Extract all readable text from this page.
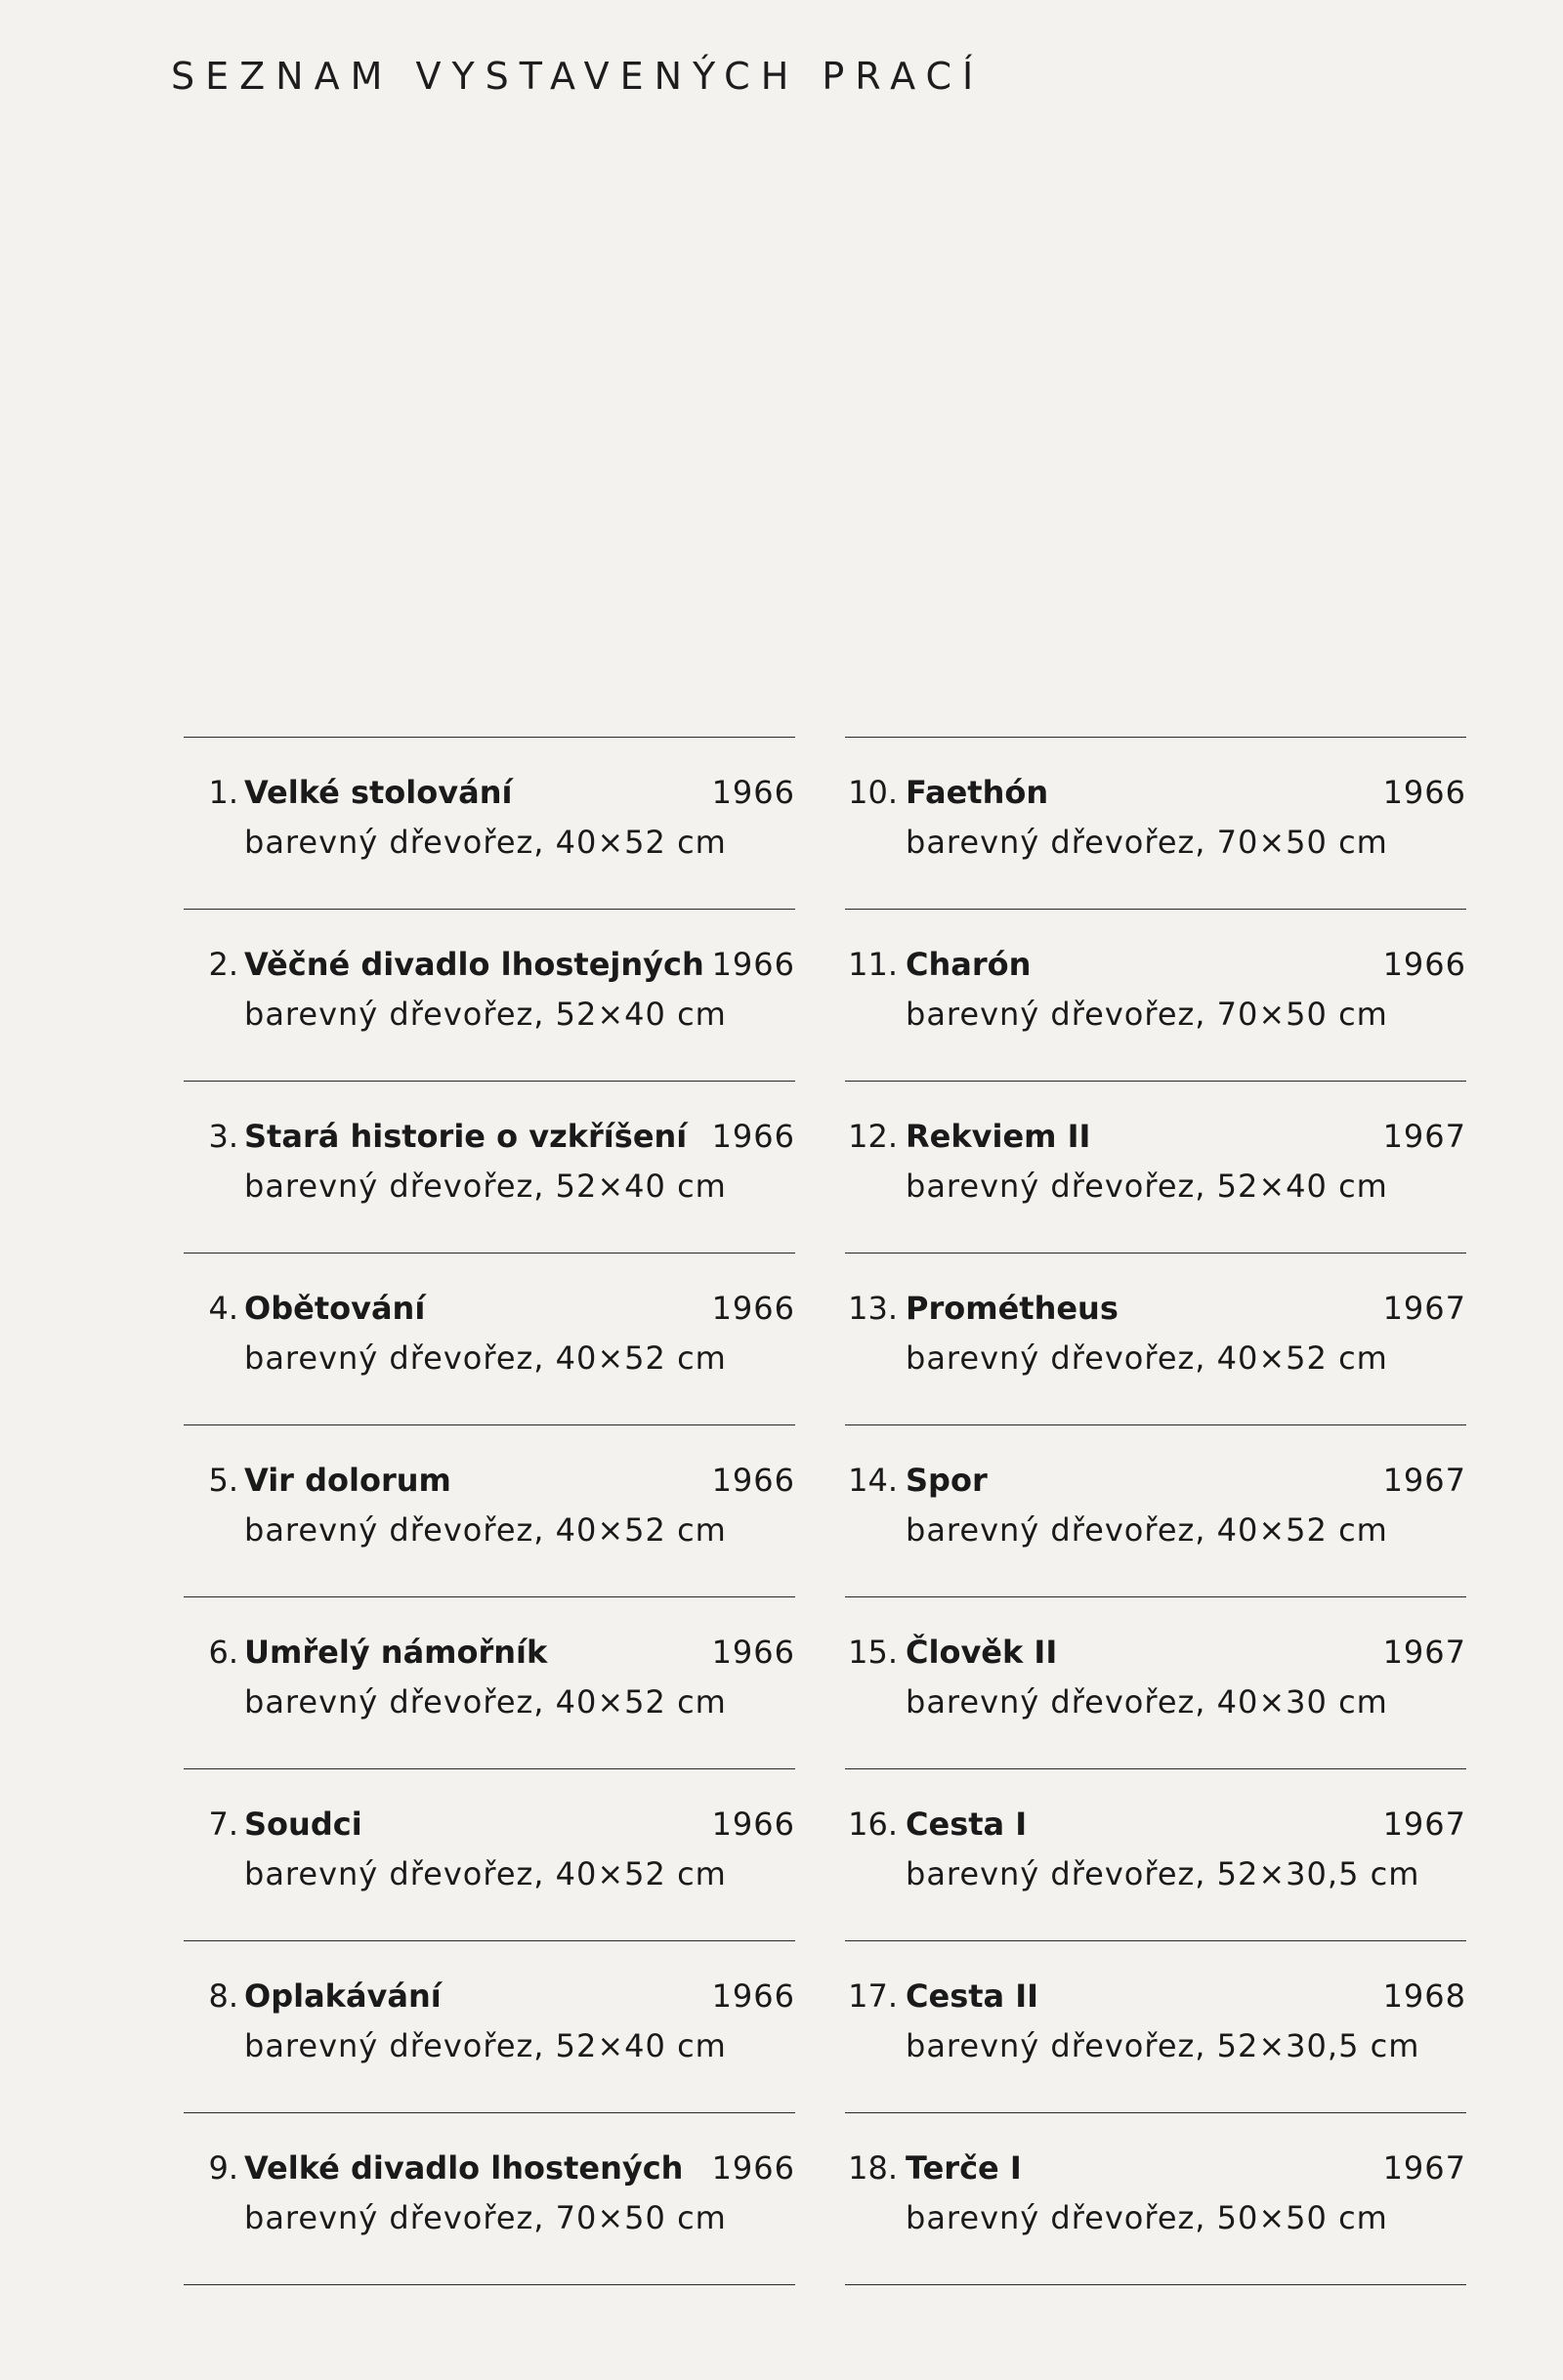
SEZNAM VYSTAVENÝCH PRACÍ
1. Velké stolování	1966
barevný dřevořez, 40×52 cm
2. Věčné divadlo lhostejných 1966
barevný dřevořez, 52×40 cm
3. Stará historie o vzkříšení 1966
barevný dřevořez, 52×40 cm
4. Obětování	1966
barevný dřevořez, 40×52 cm
5. Vir dolorum	1966
barevný dřevořez, 40×52 cm
6. Umřelý námořník	1966
barevný dřevořez, 40×52 cm
7. Soudci	1966
barevný dřevořez, 40×52 cm
8. Oplakávání	1966
barevný dřevořez, 52×40 cm
9. Velké divadlo lhostených 1966
barevný dřevořez, 70×50 cm
10. Faethón	1966
barevný dřevořez, 70×50 cm
11. Charón	1966
barevný dřevořez, 70×50 cm
12. Rekviem II	1967
barevný dřevořez, 52×40 cm
13. Prométheus	1967
barevný dřevořez, 40×52 cm
14. Spor	1967
barevný dřevořez, 40×52 cm
15. Člověk II	1967
barevný dřevořez, 40×30 cm
16. Cesta I	1967
barevný dřevořez, 52×30,5 cm
17. Cesta II	1968
barevný dřevořez, 52×30,5 cm
18. Terče I	1967
barevný dřevořez, 50×50 cm
